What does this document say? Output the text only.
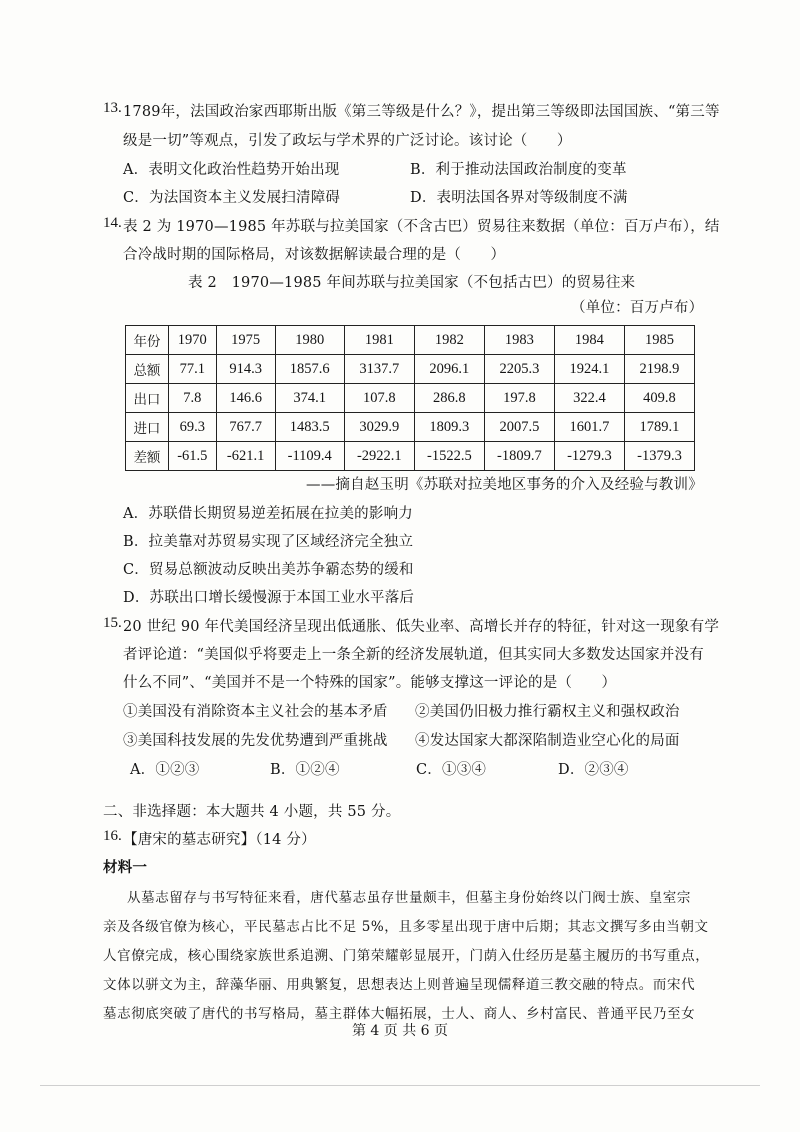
13. 1789年，法国政治家西耶斯出版《第三等级是什么？》，提出第三等级即法国国族、“第三等
级是一切”等观点，引发了政坛与学术界的广泛讨论。该讨论（　　）
A．表明文化政治性趋势开始出现	B．利于推动法国政治制度的变革
C．为法国资本主义发展扫清障碍	D．表明法国各界对等级制度不满
14. 表 2 为 1970—1985 年苏联与拉美国家（不含古巴）贸易往来数据（单位：百万卢布），结
合冷战时期的国际格局，对该数据解读最合理的是（　　）
表 2　1970—1985 年间苏联与拉美国家（不包括古巴）的贸易往来
（单位：百万卢布）
年份	1970	1975	1980	1981	1982	1983	1984	1985
总额	77.1	914.3	1857.6	3137.7	2096.1	2205.3	1924.1	2198.9
出口	7.8	146.6	374.1	107.8	286.8	197.8	322.4	409.8
进口	69.3	767.7	1483.5	3029.9	1809.3	2007.5	1601.7	1789.1
差额	-61.5	-621.1	-1109.4	-2922.1	-1522.5	-1809.7	-1279.3	-1379.3
——摘自赵玉明《苏联对拉美地区事务的介入及经验与教训》
A．苏联借长期贸易逆差拓展在拉美的影响力
B．拉美靠对苏贸易实现了区域经济完全独立
C．贸易总额波动反映出美苏争霸态势的缓和
D．苏联出口增长缓慢源于本国工业水平落后
15. 20 世纪 90 年代美国经济呈现出低通胀、低失业率、高增长并存的特征，针对这一现象有学
者评论道：“美国似乎将要走上一条全新的经济发展轨道，但其实同大多数发达国家并没有
什么不同”、“美国并不是一个特殊的国家”。能够支撑这一评论的是（　　）
①美国没有消除资本主义社会的基本矛盾 ②美国仍旧极力推行霸权主义和强权政治
③美国科技发展的先发优势遭到严重挑战 ④发达国家大都深陷制造业空心化的局面
A．①②③	B．①②④	C．①③④	D．②③④
二、非选择题：本大题共 4 小题，共 55 分。
16. 【唐宋的墓志研究】（14 分）
材料一
从墓志留存与书写特征来看，唐代墓志虽存世量颇丰，但墓主身份始终以门阀士族、皇室宗
亲及各级官僚为核心，平民墓志占比不足 5%，且多零星出现于唐中后期；其志文撰写多由当朝文
人官僚完成，核心围绕家族世系追溯、门第荣耀彰显展开，门荫入仕经历是墓主履历的书写重点，
文体以骈文为主，辞藻华丽、用典繁复，思想表达上则普遍呈现儒释道三教交融的特点。而宋代
墓志彻底突破了唐代的书写格局，墓主群体大幅拓展，士人、商人、乡村富民、普通平民乃至女
第 4 页 共 6 页
